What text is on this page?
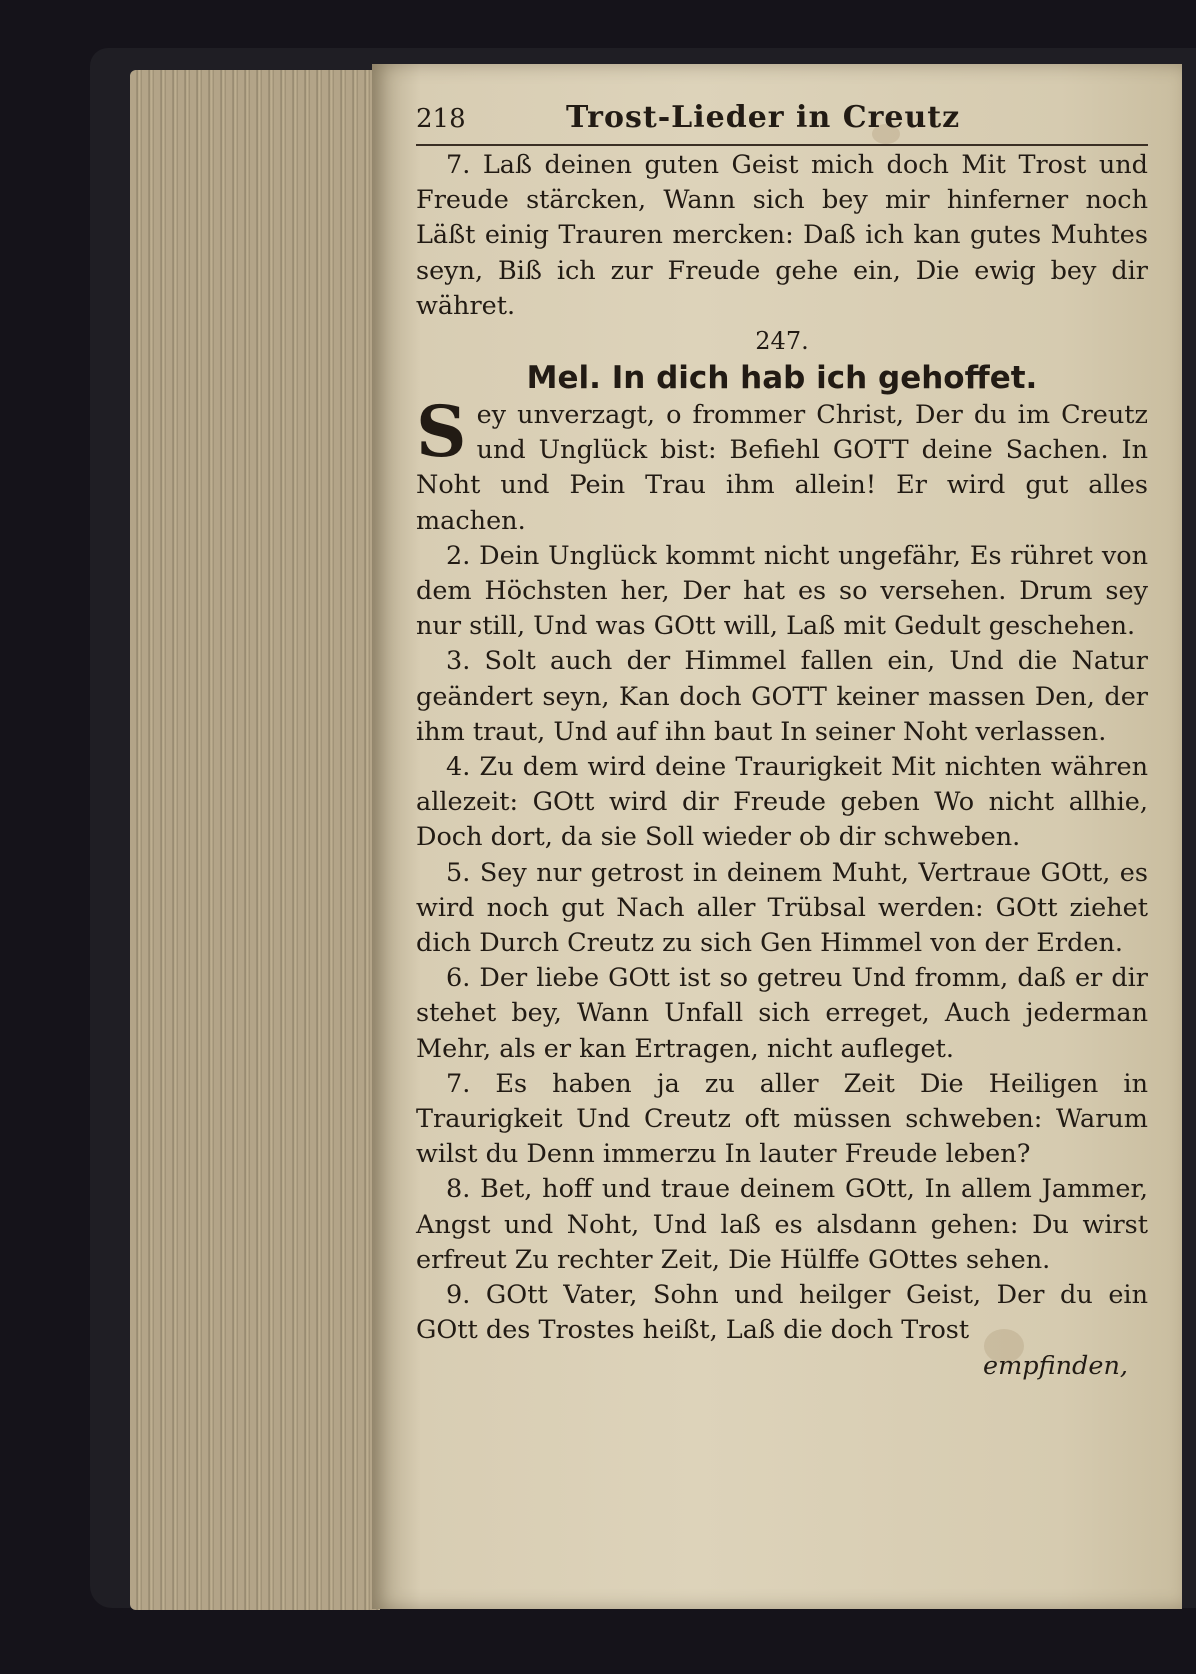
218	Trost-Lieder in Creutz

7. Laß deinen guten Geist mich doch Mit Trost und Freude stärcken, Wann sich bey mir hinferner noch Läßt einig Trauren mercken: Daß ich kan gutes Muhtes seyn, Biß ich zur Freude gehe ein, Die ewig bey dir währet.

247.

Mel. In dich hab ich gehoffet.

Sey unverzagt, o frommer Christ, Der du im Creutz und Unglück bist: Befiehl GOTT deine Sachen. In Noht und Pein Trau ihm allein! Er wird gut alles machen.

2. Dein Unglück kommt nicht ungefähr, Es rühret von dem Höchsten her, Der hat es so versehen. Drum sey nur still, Und was GOtt will, Laß mit Gedult geschehen.

3. Solt auch der Himmel fallen ein, Und die Natur geändert seyn, Kan doch GOTT keiner massen Den, der ihm traut, Und auf ihn baut In seiner Noht verlassen.

4. Zu dem wird deine Traurigkeit Mit nichten währen allezeit: GOtt wird dir Freude geben Wo nicht allhie, Doch dort, da sie Soll wieder ob dir schweben.

5. Sey nur getrost in deinem Muht, Vertraue GOtt, es wird noch gut Nach aller Trübsal werden: GOtt ziehet dich Durch Creutz zu sich Gen Himmel von der Erden.

6. Der liebe GOtt ist so getreu Und fromm, daß er dir stehet bey, Wann Unfall sich erreget, Auch jederman Mehr, als er kan Ertragen, nicht aufleget.

7. Es haben ja zu aller Zeit Die Heiligen in Traurigkeit Und Creutz oft müssen schweben: Warum wilst du Denn immerzu In lauter Freude leben?

8. Bet, hoff und traue deinem GOtt, In allem Jammer, Angst und Noht, Und laß es alsdann gehen: Du wirst erfreut Zu rechter Zeit, Die Hülffe GOttes sehen.

9. GOtt Vater, Sohn und heilger Geist, Der du ein GOtt des Trostes heißt, Laß die doch Trost

empfinden,
